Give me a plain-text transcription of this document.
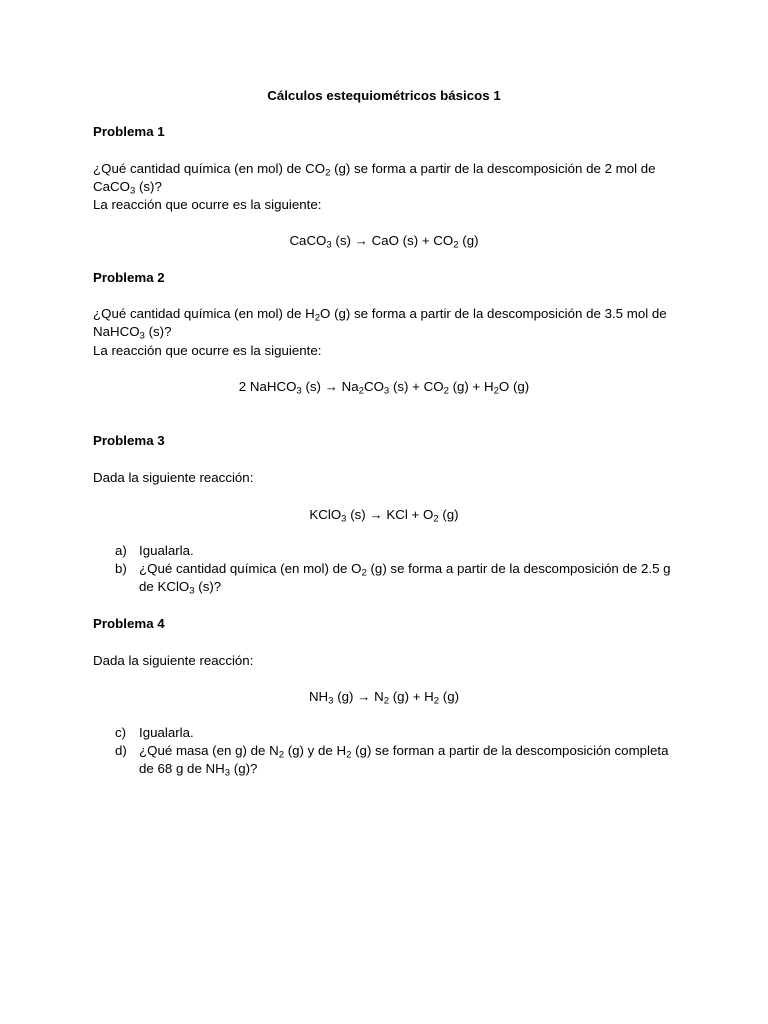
Cálculos estequiométricos básicos 1
Problema 1
¿Qué cantidad química (en mol) de $CO_2$ (g) se forma a partir de la descomposición de 2 mol de CaCO$_3$ (s)?
La reacción que ocurre es la siguiente:
CaCO$_3$ (s) → CaO $(s) + CO_2$ (g)
Problema 2
¿Qué cantidad química (en mol) de $H_2O$ (g) se forma a partir de la descomposición de 3.5 mol de NaHCO$_3$ (s)?
La reacción que ocurre es la siguiente:
2 NaHCO$_3$ $(s) \to Na_2CO_3$ $(s) + CO_2$ $(g) + H_2O$ (g)
Problema 3
Dada la siguiente reacción:
KClO$_3$ (s) → KCl + $O_2$ (g)
a) Igualarla.
b) ¿Qué cantidad química (en mol) de $O_2$ (g) se forma a partir de la descomposición de 2.5 g de KClO$_3$ (s)?
Problema 4
Dada la siguiente reacción:
$NH_3$ $(g) \to N_2$ $(g) + H_2$ (g)
c) Igualarla.
d) ¿Qué masa (en g) de $N_2$ (g) y de $H_2$ (g) se forman a partir de la descomposición completa de 68 g de $NH_3$ (g)?
